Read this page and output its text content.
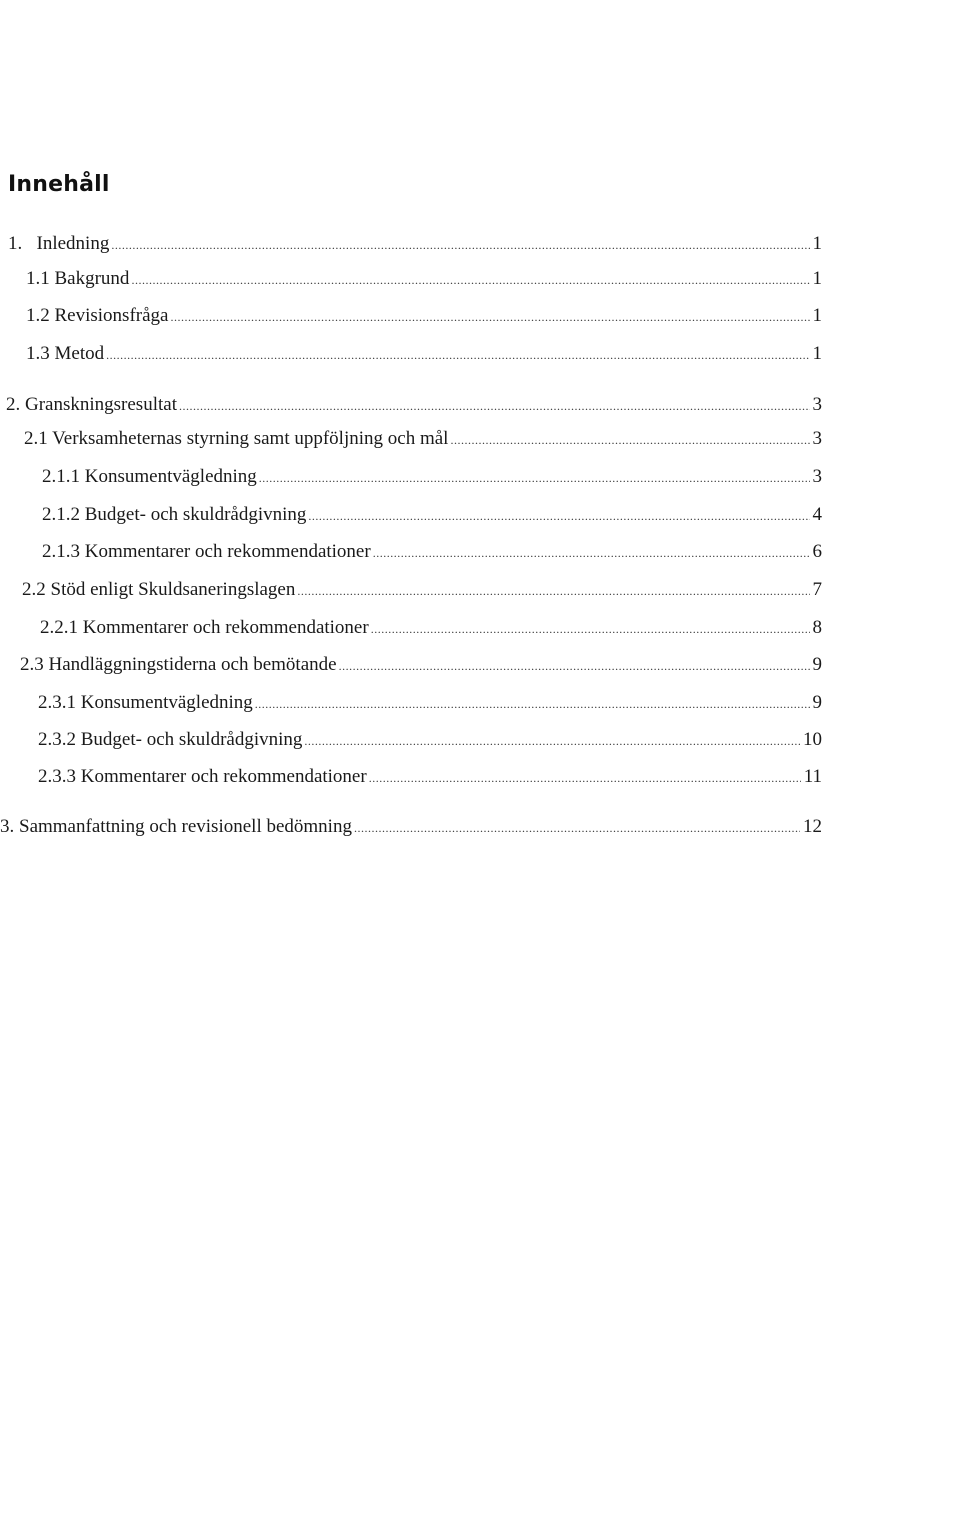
Innehåll
1.   Inledning .....	1
1.1 Bakgrund .....	1
1.2 Revisionsfråga .....	1
1.3 Metod .....	1
2. Granskningsresultat .....	3
2.1 Verksamheternas styrning samt uppföljning och mål .....	3
2.1.1 Konsumentvägledning .....	3
2.1.2 Budget- och skuldrådgivning .....	4
2.1.3 Kommentarer och rekommendationer .....	6
2.2 Stöd enligt Skuldsaneringslagen .....	7
2.2.1 Kommentarer och rekommendationer .....	8
2.3 Handläggningstiderna och bemötande .....	9
2.3.1 Konsumentvägledning .....	9
2.3.2 Budget- och skuldrådgivning .....	10
2.3.3 Kommentarer och rekommendationer .....	11
3. Sammanfattning och revisionell bedömning .....	12
